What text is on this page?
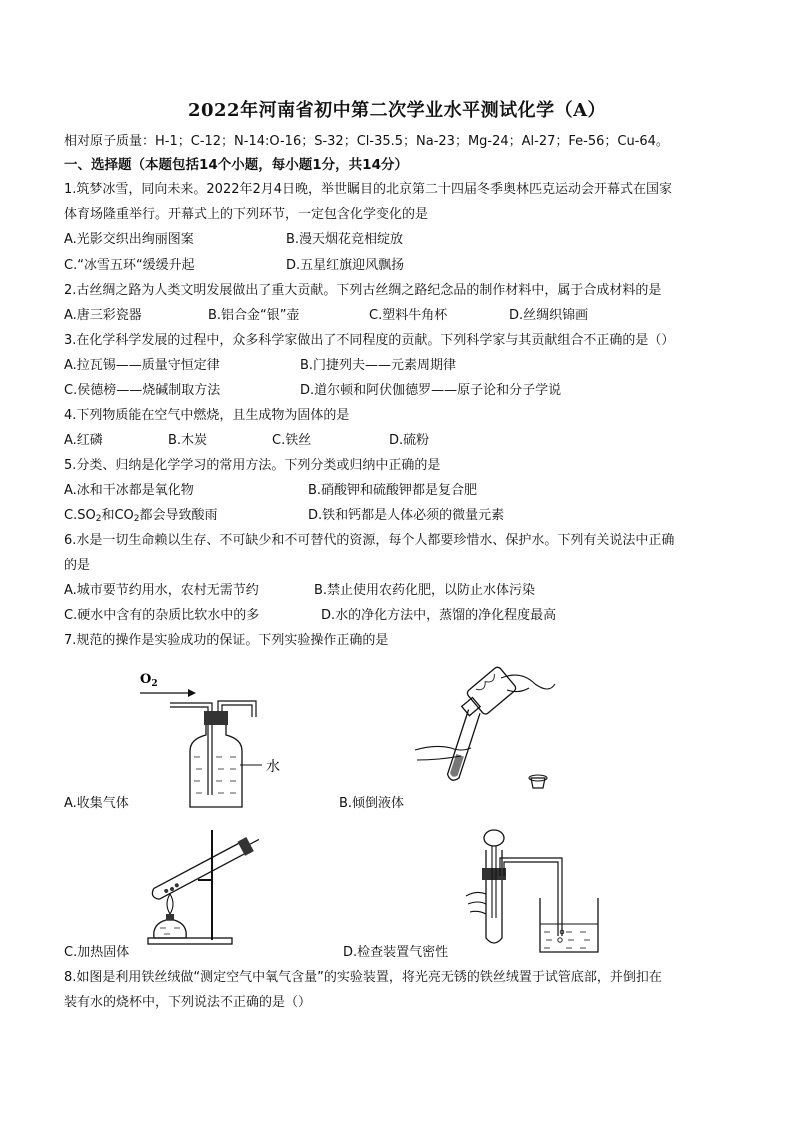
2022年河南省初中第二次学业水平测试化学（A）
相对原子质量：H-1；C-12；N-14:O-16；S-32；Cl-35.5；Na-23；Mg-24；Al-27；Fe-56；Cu-64。
一、选择题（本题包括14个小题，每小题1分，共14分）
1.筑梦冰雪，同向未来。2022年2月4日晚，举世瞩目的北京第二十四届冬季奥林匹克运动会开幕式在国家
体育场隆重举行。开幕式上的下列环节，一定包含化学变化的是
A.光影交织出绚丽图案	B.漫天烟花竞相绽放
C.“冰雪五环“缓缓升起	D.五星红旗迎风飘扬
2.古丝绸之路为人类文明发展做出了重大贡献。下列古丝绸之路纪念品的制作材料中，属于合成材料的是
A.唐三彩瓷器	B.铝合金“银”壶	C.塑料牛角杯	D.丝绸织锦画
3.在化学科学发展的过程中，众多科学家做出了不同程度的贡献。下列科学家与其贡献组合不正确的是（）
A.拉瓦锡——质量守恒定律	B.门捷列夫——元素周期律
C.侯德榜——烧碱制取方法	D.道尔顿和阿伏伽德罗——原子论和分子学说
4.下列物质能在空气中燃烧，且生成物为固体的是
A.红磷	B.木炭	C.铁丝	D.硫粉
5.分类、归纳是化学学习的常用方法。下列分类或归纳中正确的是
A.冰和干冰都是氧化物	B.硝酸钾和硫酸钾都是复合肥
$C.SO_2$和$CO_2$都会导致酸雨	D.铁和钙都是人体必须的微量元素
6.水是一切生命赖以生存、不可缺少和不可替代的资源，每个人都要珍惜水、保护水。下列有关说法中正确
的是
A.城市要节约用水，农村无需节约	B.禁止使用农药化肥，以防止水体污染
C.硬水中含有的杂质比软水中的多	D.水的净化方法中，蒸馏的净化程度最高
7.规范的操作是实验成功的保证。下列实验操作正确的是
$O_2$
水
A.收集气体	B.倾倒液体
C.加热固体	D.检查装置气密性
8.如图是利用铁丝绒做“测定空气中氧气含量”的实验装置，将光亮无锈的铁丝绒置于试管底部，并倒扣在
装有水的烧杯中，下列说法不正确的是（）
